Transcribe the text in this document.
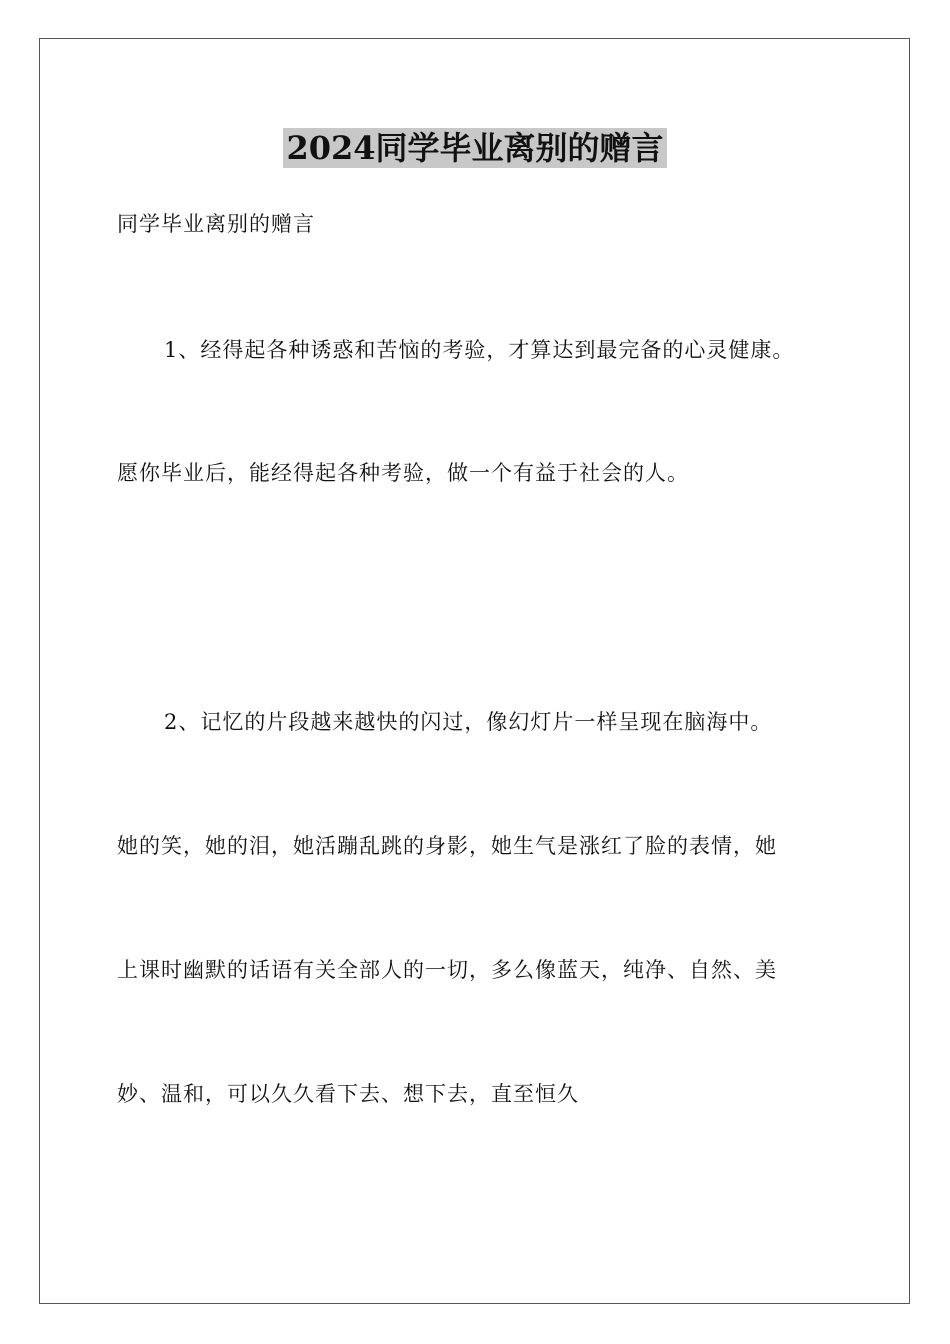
2024同学毕业离别的赠言
同学毕业离别的赠言
1、经得起各种诱惑和苦恼的考验，才算达到最完备的心灵健康。
愿你毕业后，能经得起各种考验，做一个有益于社会的人。
2、记忆的片段越来越快的闪过，像幻灯片一样呈现在脑海中。
她的笑，她的泪，她活蹦乱跳的身影，她生气是涨红了脸的表情，她
上课时幽默的话语有关全部人的一切，多么像蓝天，纯净、自然、美
妙、温和，可以久久看下去、想下去，直至恒久
